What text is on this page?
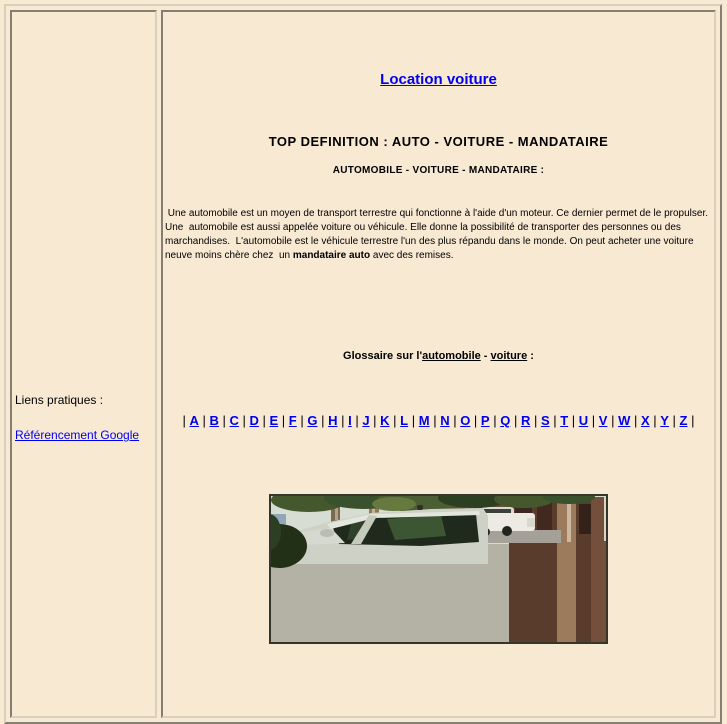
Liens pratiques :
Référencement Google
Location voiture
TOP DEFINITION : AUTO - VOITURE - MANDATAIRE
AUTOMOBILE - VOITURE - MANDATAIRE :
Une automobile est un moyen de transport terrestre qui fonctionne à l'aide d'un moteur. Ce dernier permet de le propulser.
Une  automobile est aussi appelée voiture ou véhicule. Elle donne la possibilité de transporter des personnes ou des
marchandises.  L'automobile est le véhicule terrestre l'un des plus répandu dans le monde. On peut acheter une voiture
neuve moins chère chez  un mandataire auto avec des remises.
Glossaire sur l'automobile - voiture :
| A | B | C | D | E | F | G | H | I | J | K | L | M | N | O | P | Q | R | S | T | U | V | W | X | Y | Z |
